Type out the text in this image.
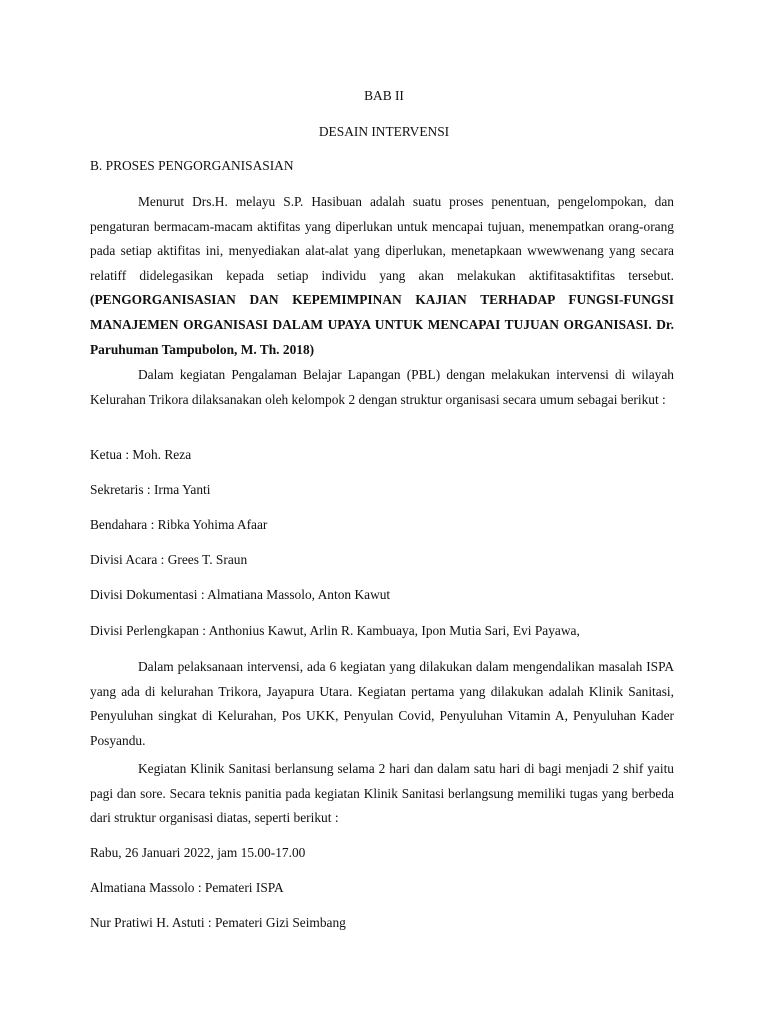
BAB II
DESAIN INTERVENSI
B. PROSES PENGORGANISASIAN
Menurut Drs.H. melayu S.P. Hasibuan adalah suatu proses penentuan, pengelompokan, dan pengaturan bermacam-macam aktifitas yang diperlukan untuk mencapai tujuan, menempatkan orang-orang pada setiap aktifitas ini, menyediakan alat-alat yang diperlukan, menetapkaan wwewwenang yang secara relatiff didelegasikan kepada setiap individu yang akan melakukan aktifitasaktifitas tersebut. (PENGORGANISASIAN DAN KEPEMIMPINAN KAJIAN TERHADAP FUNGSI-FUNGSI MANAJEMEN ORGANISASI DALAM UPAYA UNTUK MENCAPAI TUJUAN ORGANISASI. Dr. Paruhuman Tampubolon, M. Th. 2018)
Dalam kegiatan Pengalaman Belajar Lapangan (PBL) dengan melakukan intervensi di wilayah Kelurahan Trikora dilaksanakan oleh kelompok 2 dengan struktur organisasi secara umum sebagai berikut :
Ketua : Moh. Reza
Sekretaris : Irma Yanti
Bendahara : Ribka Yohima Afaar
Divisi Acara : Grees T. Sraun
Divisi Dokumentasi : Almatiana Massolo, Anton Kawut
Divisi Perlengkapan : Anthonius Kawut, Arlin R. Kambuaya, Ipon Mutia Sari, Evi Payawa,
Dalam pelaksanaan intervensi, ada 6 kegiatan yang dilakukan dalam mengendalikan masalah ISPA yang ada di kelurahan Trikora, Jayapura Utara. Kegiatan pertama yang dilakukan adalah Klinik Sanitasi, Penyuluhan singkat di Kelurahan, Pos UKK, Penyulan Covid, Penyuluhan Vitamin A, Penyuluhan Kader Posyandu.
Kegiatan Klinik Sanitasi berlansung selama 2 hari dan dalam satu hari di bagi menjadi 2 shif yaitu pagi dan sore. Secara teknis panitia pada kegiatan Klinik Sanitasi berlangsung memiliki tugas yang berbeda dari struktur organisasi diatas, seperti berikut :
Rabu, 26 Januari 2022, jam 15.00-17.00
Almatiana Massolo : Pemateri ISPA
Nur Pratiwi H. Astuti : Pemateri Gizi Seimbang
